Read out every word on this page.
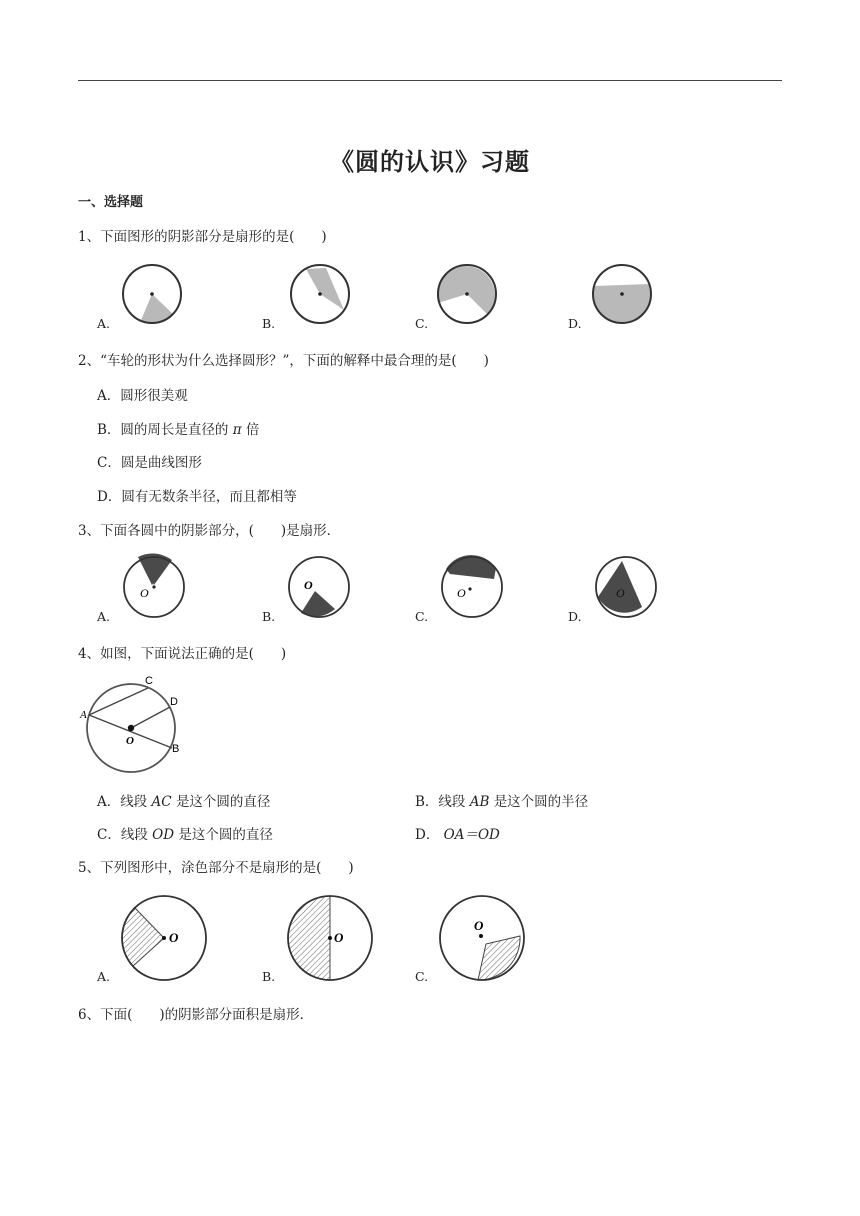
《圆的认识》习题
一、选择题
1、下面图形的阴影部分是扇形的是(　　)
A.	B.	C.	D.
2、“车轮的形状为什么选择圆形？”，下面的解释中最合理的是(　　)
A．圆形很美观
B．圆的周长是直径的 π 倍
C．圆是曲线图形
D．圆有无数条半径，而且都相等
3、下面各圆中的阴影部分，(　　)是扇形．
O
O
O	O
A.	B.	C.	D.
4、如图，下面说法正确的是(　　)
A
C
D
B
O
A．线段 AC 是这个圆的直径	B．线段 AB 是这个圆的半径
C．线段 OD 是这个圆的直径	D． OA＝OD
5、下列图形中，涂色部分不是扇形的是(　　)
O	O
O
A.	B.	C.
6、下面(　　)的阴影部分面积是扇形．
